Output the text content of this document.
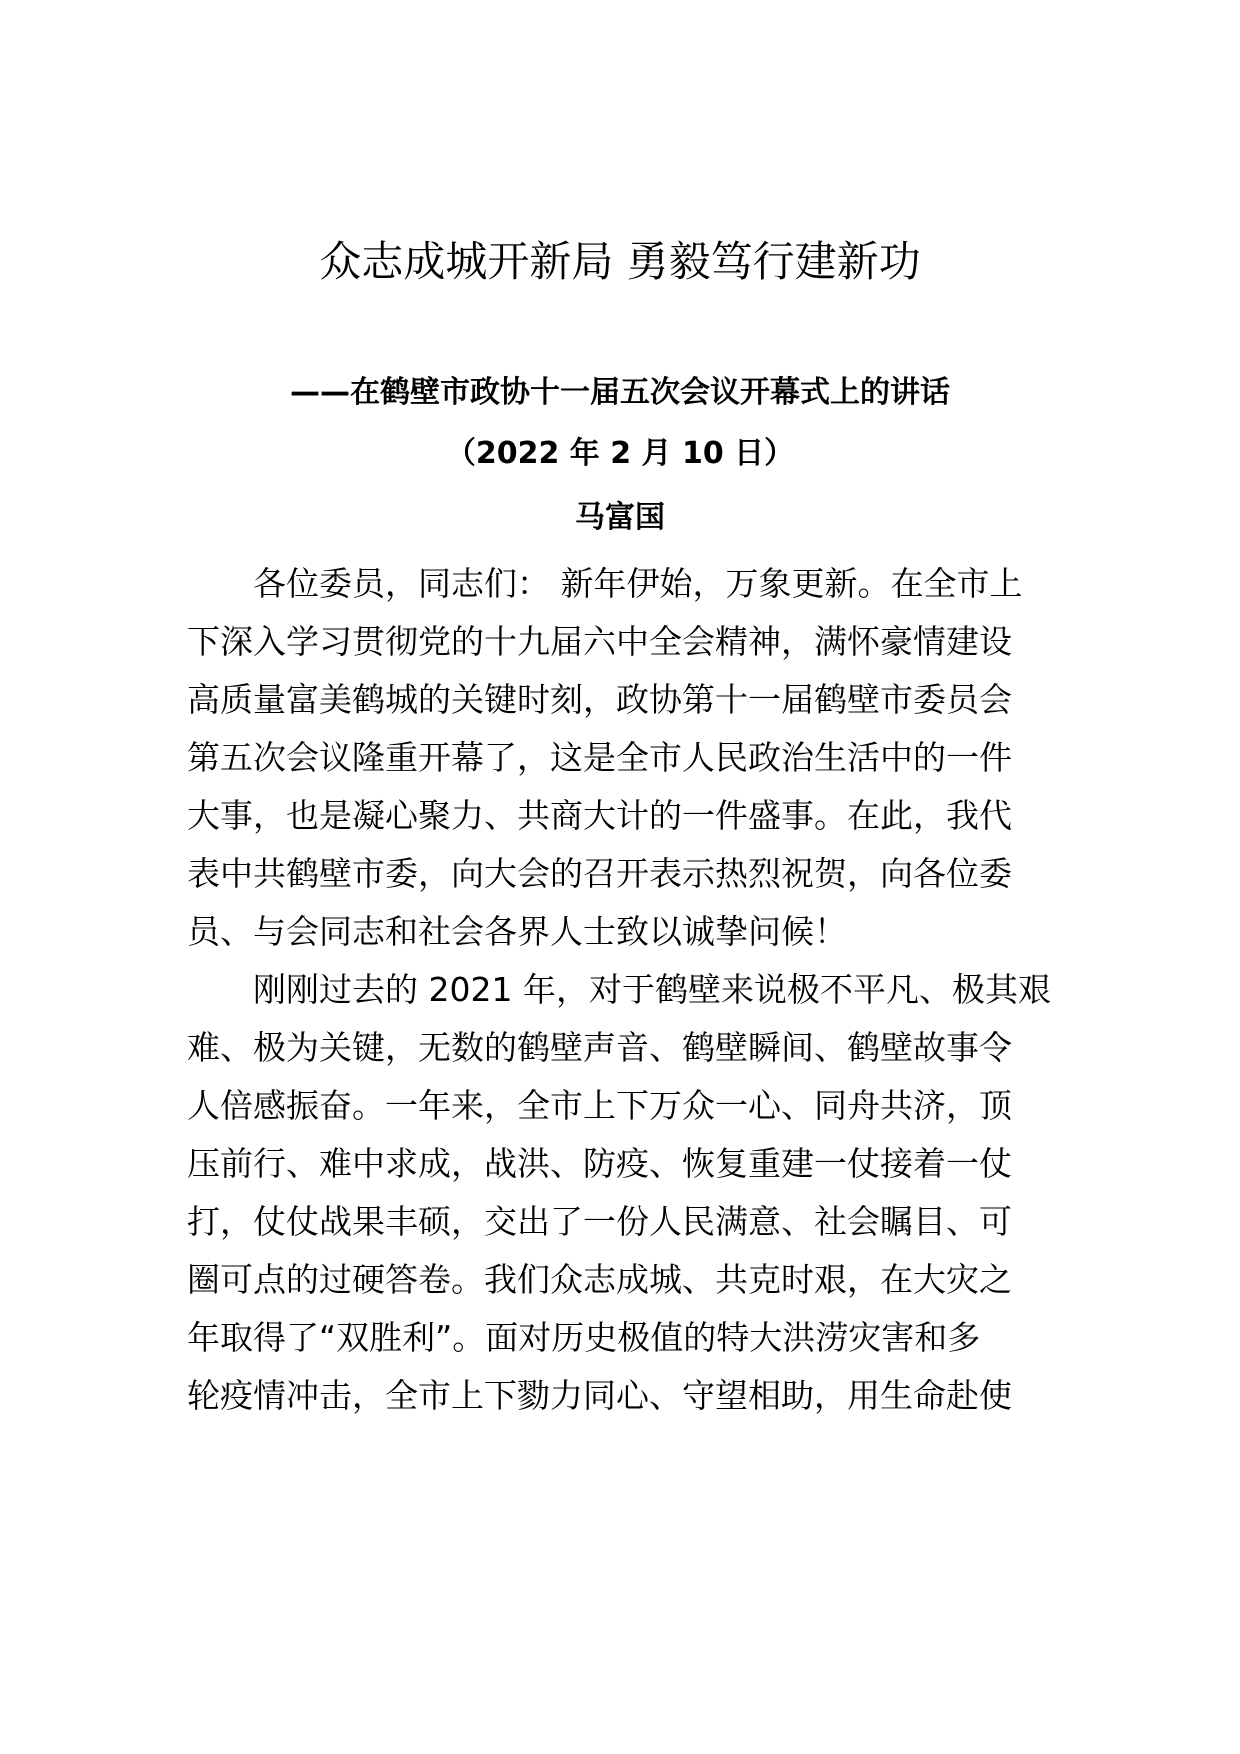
众志成城开新局 勇毅笃行建新功
——在鹤壁市政协十一届五次会议开幕式上的讲话

（2022 年 2 月 10 日）

马富国

　　各位委员，同志们： 新年伊始，万象更新。在全市上

下深入学习贯彻党的十九届六中全会精神，满怀豪情建设

高质量富美鹤城的关键时刻，政协第十一届鹤壁市委员会

第五次会议隆重开幕了，这是全市人民政治生活中的一件

大事，也是凝心聚力、共商大计的一件盛事。在此，我代

表中共鹤壁市委，向大会的召开表示热烈祝贺，向各位委

员、与会同志和社会各界人士致以诚挚问候！

　　刚刚过去的 2021 年，对于鹤壁来说极不平凡、极其艰

难、极为关键，无数的鹤壁声音、鹤壁瞬间、鹤壁故事令

人倍感振奋。一年来，全市上下万众一心、同舟共济，顶

压前行、难中求成，战洪、防疫、恢复重建一仗接着一仗

打，仗仗战果丰硕，交出了一份人民满意、社会瞩目、可

圈可点的过硬答卷。我们众志成城、共克时艰，在大灾之

年取得了“双胜利”。面对历史极值的特大洪涝灾害和多

轮疫情冲击，全市上下勠力同心、守望相助，用生命赴使
